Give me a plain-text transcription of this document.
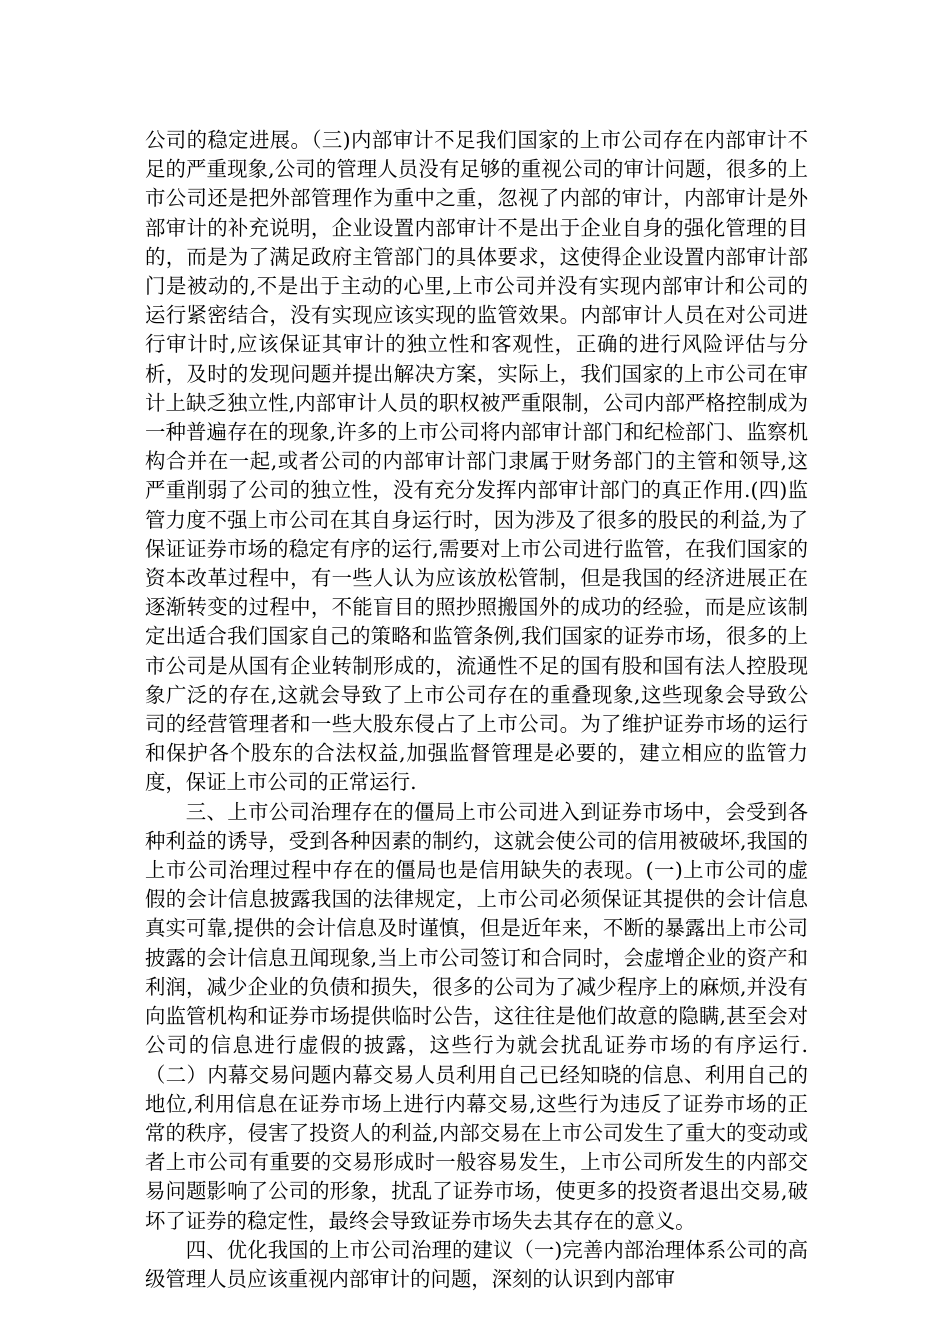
公司的稳定进展。（三)内部审计不足我们国家的上市公司存在内部审计不足的严重现象,公司的管理人员没有足够的重视公司的审计问题，很多的上市公司还是把外部管理作为重中之重，忽视了内部的审计，内部审计是外部审计的补充说明，企业设置内部审计不是出于企业自身的强化管理的目的，而是为了满足政府主管部门的具体要求，这使得企业设置内部审计部门是被动的,不是出于主动的心里,上市公司并没有实现内部审计和公司的运行紧密结合，没有实现应该实现的监管效果。内部审计人员在对公司进行审计时,应该保证其审计的独立性和客观性，正确的进行风险评估与分析，及时的发现问题并提出解决方案，实际上，我们国家的上市公司在审计上缺乏独立性,内部审计人员的职权被严重限制，公司内部严格控制成为一种普遍存在的现象,许多的上市公司将内部审计部门和纪检部门、监察机构合并在一起,或者公司的内部审计部门隶属于财务部门的主管和领导,这严重削弱了公司的独立性，没有充分发挥内部审计部门的真正作用.(四)监管力度不强上市公司在其自身运行时，因为涉及了很多的股民的利益,为了保证证券市场的稳定有序的运行,需要对上市公司进行监管，在我们国家的资本改革过程中，有一些人认为应该放松管制，但是我国的经济进展正在逐渐转变的过程中，不能盲目的照抄照搬国外的成功的经验，而是应该制定出适合我们国家自己的策略和监管条例,我们国家的证券市场，很多的上市公司是从国有企业转制形成的，流通性不足的国有股和国有法人控股现象广泛的存在,这就会导致了上市公司存在的重叠现象,这些现象会导致公司的经营管理者和一些大股东侵占了上市公司。为了维护证券市场的运行和保护各个股东的合法权益,加强监督管理是必要的，建立相应的监管力度，保证上市公司的正常运行.

三、上市公司治理存在的僵局上市公司进入到证券市场中，会受到各种利益的诱导，受到各种因素的制约，这就会使公司的信用被破坏,我国的上市公司治理过程中存在的僵局也是信用缺失的表现。(一)上市公司的虚假的会计信息披露我国的法律规定，上市公司必须保证其提供的会计信息真实可靠,提供的会计信息及时谨慎，但是近年来，不断的暴露出上市公司披露的会计信息丑闻现象,当上市公司签订和合同时，会虚增企业的资产和利润，减少企业的负债和损失，很多的公司为了减少程序上的麻烦,并没有向监管机构和证券市场提供临时公告，这往往是他们故意的隐瞒,甚至会对公司的信息进行虚假的披露，这些行为就会扰乱证券市场的有序运行.（二）内幕交易问题内幕交易人员利用自己已经知晓的信息、利用自己的地位,利用信息在证券市场上进行内幕交易,这些行为违反了证券市场的正常的秩序，侵害了投资人的利益,内部交易在上市公司发生了重大的变动或者上市公司有重要的交易形成时一般容易发生，上市公司所发生的内部交易问题影响了公司的形象，扰乱了证券市场，使更多的投资者退出交易,破坏了证券的稳定性，最终会导致证券市场失去其存在的意义。

四、优化我国的上市公司治理的建议（一)完善内部治理体系公司的高级管理人员应该重视内部审计的问题，深刻的认识到内部审
